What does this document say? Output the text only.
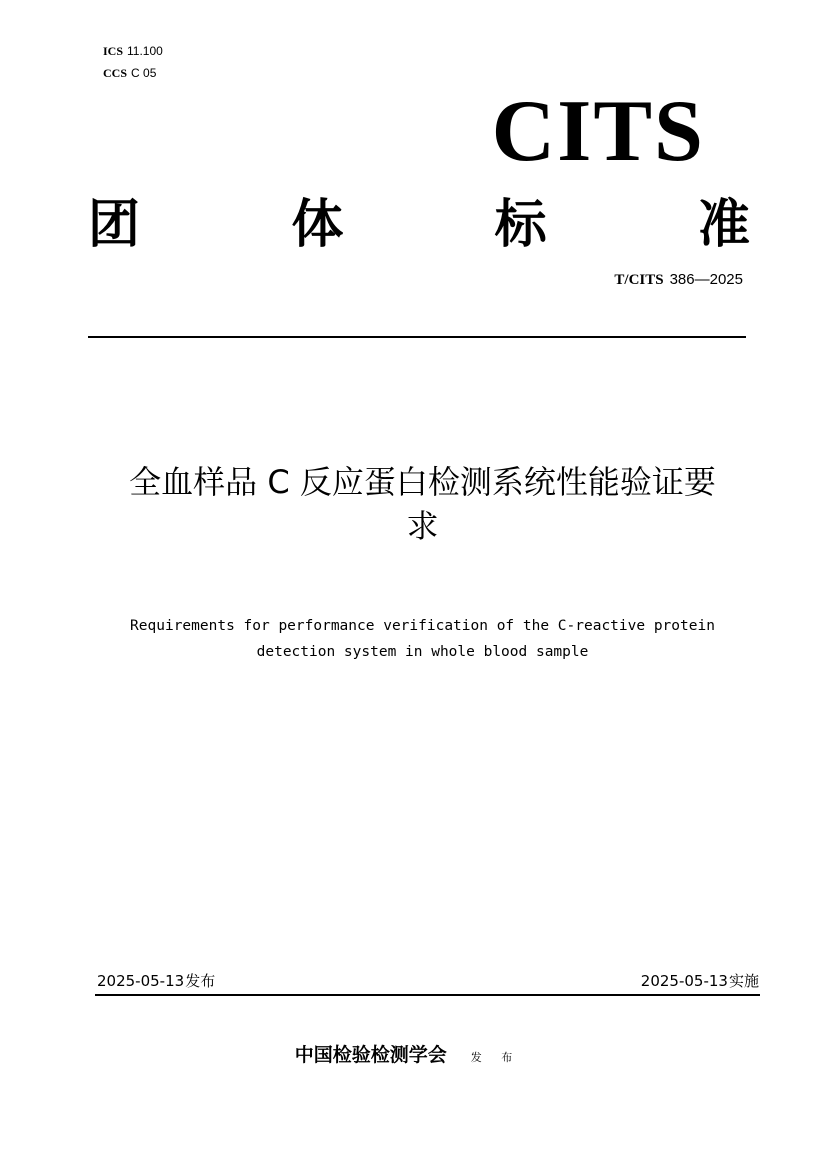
ICS 11.100
CCS C 05
CITS
团	体	标	准
T/CITS 386—2025
全血样品 C 反应蛋白检测系统性能验证要
求
Requirements for performance verification of the C-reactive protein
detection system in whole blood sample
2025-05-13发布	2025-05-13实施
中国检验检测学会 发 布
